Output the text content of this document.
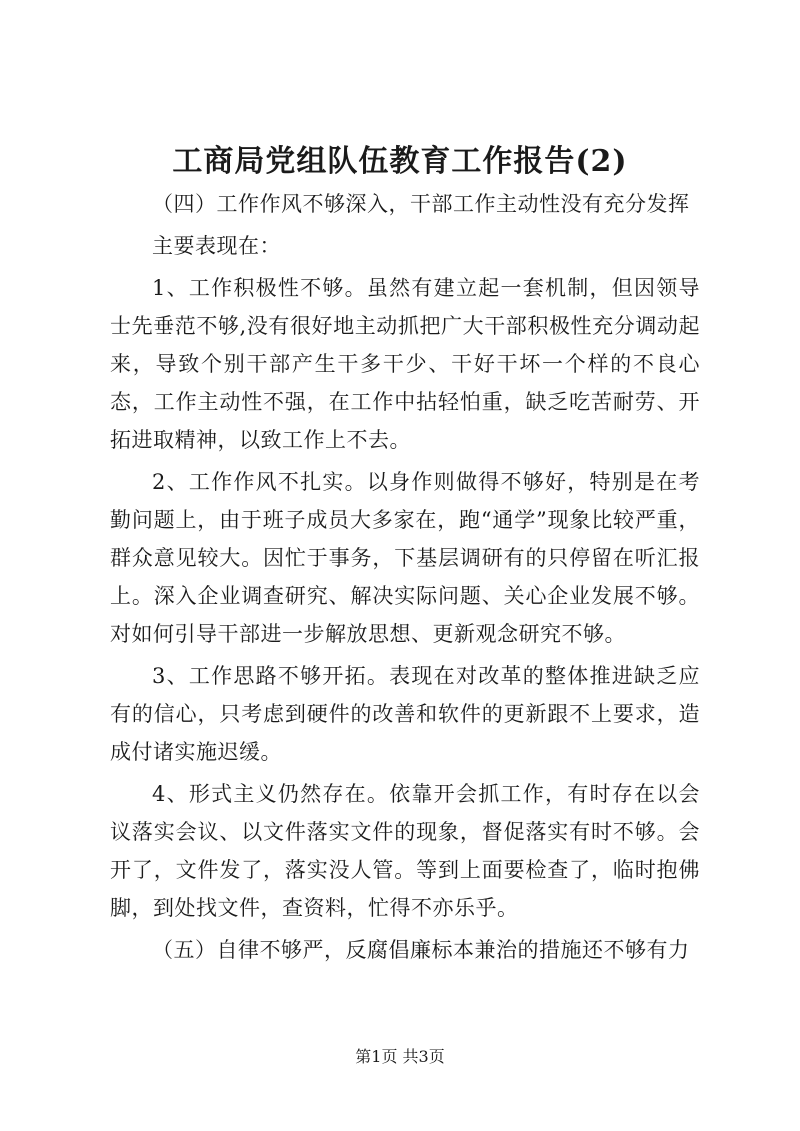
工商局党组队伍教育工作报告(2)

（四）工作作风不够深入，干部工作主动性没有充分发挥

主要表现在：

1、工作积极性不够。虽然有建立起一套机制，但因领导士先垂范不够,没有很好地主动抓把广大干部积极性充分调动起来，导致个别干部产生干多干少、干好干坏一个样的不良心态，工作主动性不强，在工作中拈轻怕重，缺乏吃苦耐劳、开拓进取精神，以致工作上不去。

2、工作作风不扎实。以身作则做得不够好，特别是在考勤问题上，由于班子成员大多家在，跑“通学”现象比较严重，群众意见较大。因忙于事务，下基层调研有的只停留在听汇报上。深入企业调查研究、解决实际问题、关心企业发展不够。对如何引导干部进一步解放思想、更新观念研究不够。

3、工作思路不够开拓。表现在对改革的整体推进缺乏应有的信心，只考虑到硬件的改善和软件的更新跟不上要求，造成付诸实施迟缓。

4、形式主义仍然存在。依靠开会抓工作，有时存在以会议落实会议、以文件落实文件的现象，督促落实有时不够。会开了，文件发了，落实没人管。等到上面要检查了，临时抱佛脚，到处找文件，查资料，忙得不亦乐乎。

（五）自律不够严，反腐倡廉标本兼治的措施还不够有力

第1页 共3页
